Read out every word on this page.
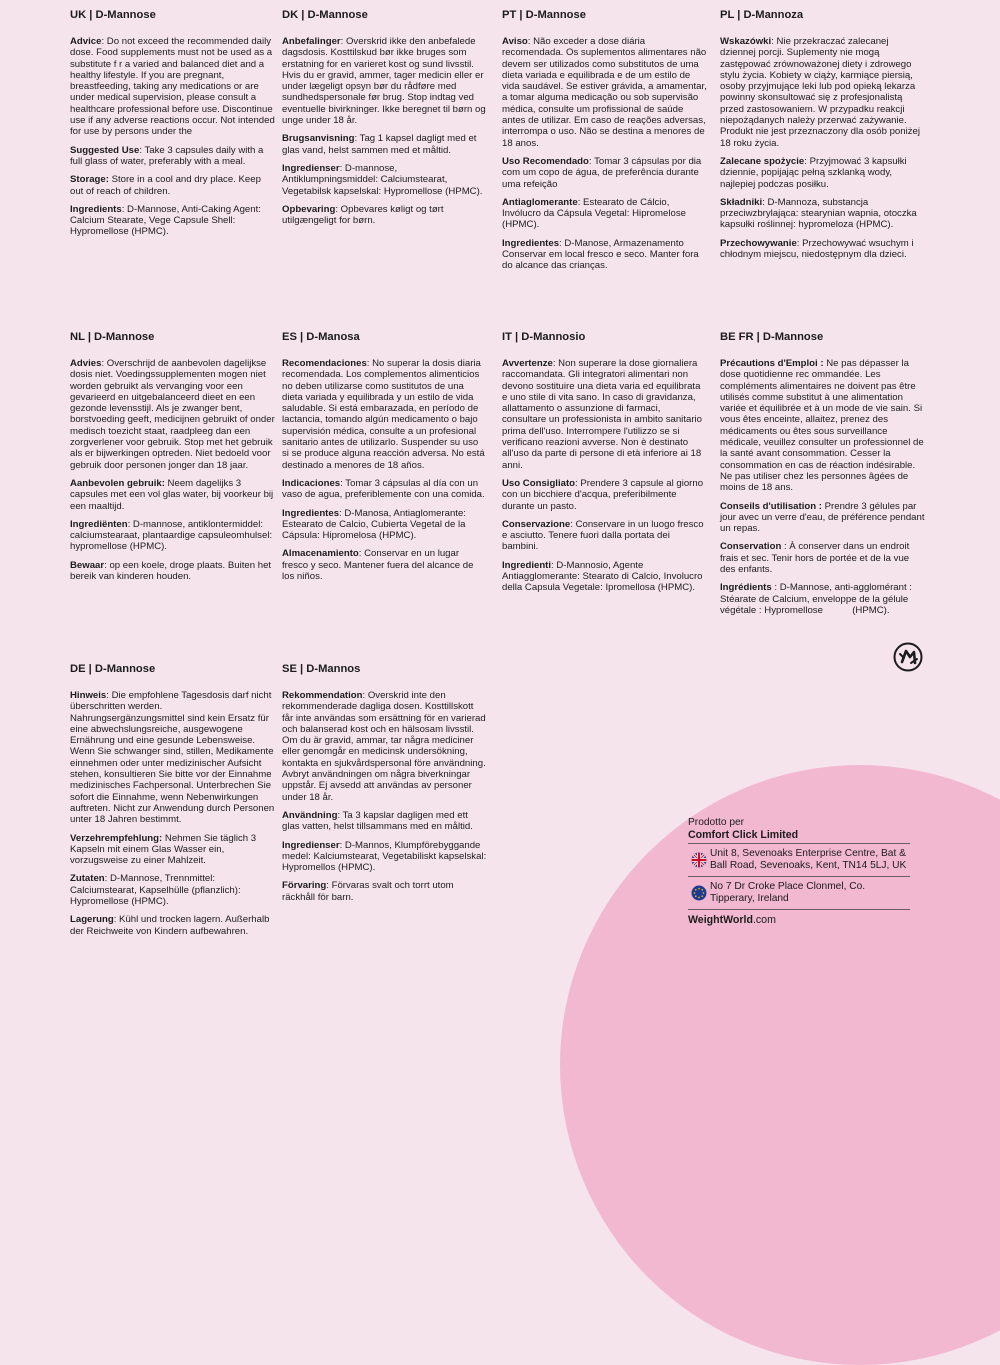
UK | D-Mannose

Advice: Do not exceed the recommended daily dose. Food supplements must not be used as a substitute f r a varied and balanced diet and a healthy lifestyle. If you are pregnant, breastfeeding, taking any medications or are under medical supervision, please consult a healthcare professional before use. Discontinue use if any adverse reactions occur. Not intended for use by persons under the

Suggested Use: Take 3 capsules daily with a full glass of water, preferably with a meal.

Storage: Store in a cool and dry place. Keep out of reach of children.

Ingredients: D-Mannose, Anti-Caking Agent: Calcium Stearate, Vege Capsule Shell: Hypromellose (HPMC).

DK | D-Mannose

Anbefalinger: Overskrid ikke den anbefalede dagsdosis. Kosttilskud bør ikke bruges som erstatning for en varieret kost og sund livsstil. Hvis du er gravid, ammer, tager medicin eller er under lægeligt opsyn bør du rådføre med sundhedspersonale før brug. Stop indtag ved eventuelle bivirkninger. Ikke beregnet til børn og unge under 18 år.

Brugsanvisning: Tag 1 kapsel dagligt med et glas vand, helst sammen med et måltid.

Ingredienser: D-mannose, Antiklumpningsmiddel: Calciumstearat, Vegetabilsk kapselskal: Hypromellose (HPMC).

Opbevaring: Opbevares køligt og tørt utilgængeligt for børn.

PT | D-Mannose

Aviso: Não exceder a dose diária recomendada. Os suplementos alimentares não devem ser utilizados como substitutos de uma dieta variada e equilibrada e de um estilo de vida saudável. Se estiver grávida, a amamentar, a tomar alguma medicação ou sob supervisão médica, consulte um profissional de saúde antes de utilizar. Em caso de reações adversas, interrompa o uso. Não se destina a menores de 18 anos.

Uso Recomendado: Tomar 3 cápsulas por dia com um copo de água, de preferência durante uma refeição

Antiaglomerante: Estearato de Cálcio, Invólucro da Cápsula Vegetal: Hipromelose (HPMC).

Ingredientes: D-Manose, Armazenamento Conservar em local fresco e seco. Manter fora do alcance das crianças.

PL | D-Mannoza

Wskazówki: Nie przekraczać zalecanej dziennej porcji. Suplementy nie mogą zastępować zrównoważonej diety i zdrowego stylu życia. Kobiety w ciąży, karmiące piersią, osoby przyjmujące leki lub pod opieką lekarza powinny skonsultować się z profesjonalistą przed zastosowaniem. W przypadku reakcji niepożądanych należy przerwać zażywanie. Produkt nie jest przeznaczony dla osób poniżej 18 roku życia.

Zalecane spożycie: Przyjmować 3 kapsułki dziennie, popijając pełną szklanką wody, najlepiej podczas posiłku.

Składniki: D-Mannoza, substancja przeciwzbrylająca: stearynian wapnia, otoczka kapsułki roślinnej: hypromeloza (HPMC).

Przechowywanie: Przechowywać wsuchym i chłodnym miejscu, niedostępnym dla dzieci.

NL | D-Mannose

Advies: Overschrijd de aanbevolen dagelijkse dosis niet. Voedingssupplementen mogen niet worden gebruikt als vervanging voor een gevarieerd en uitgebalanceerd dieet en een gezonde levensstijl. Als je zwanger bent, borstvoeding geeft, medicijnen gebruikt of onder medisch toezicht staat, raadpleeg dan een zorgverlener voor gebruik. Stop met het gebruik als er bijwerkingen optreden. Niet bedoeld voor gebruik door personen jonger dan 18 jaar.

Aanbevolen gebruik: Neem dagelijks 3 capsules met een vol glas water, bij voorkeur bij een maaltijd.

Ingrediënten: D-mannose, antiklontermiddel: calciumstearaat, plantaardige capsuleomhulsel: hypromellose (HPMC).

Bewaar: op een koele, droge plaats. Buiten het bereik van kinderen houden.

ES | D-Manosa

Recomendaciones: No superar la dosis diaria recomendada. Los complementos alimenticios no deben utilizarse como sustitutos de una dieta variada y equilibrada y un estilo de vida saludable. Si está embarazada, en período de lactancia, tomando algún medicamento o bajo supervisión médica, consulte a un profesional sanitario antes de utilizarlo. Suspender su uso si se produce alguna reacción adversa. No está destinado a menores de 18 años.

Indicaciones: Tomar 3 cápsulas al día con un vaso de agua, preferiblemente con una comida.

Ingredientes: D-Manosa, Antiaglomerante: Estearato de Calcio, Cubierta Vegetal de la Cápsula: Hipromelosa (HPMC).

Almacenamiento: Conservar en un lugar fresco y seco. Mantener fuera del alcance de los niños.

IT | D-Mannosio

Avvertenze: Non superare la dose giornaliera raccomandata. Gli integratori alimentari non devono sostituire una dieta varia ed equilibrata e uno stile di vita sano. In caso di gravidanza, allattamento o assunzione di farmaci, consultare un professionista in ambito sanitario prima dell'uso. Interrompere l'utilizzo se si verificano reazioni avverse. Non è destinato all'uso da parte di persone di età inferiore ai 18 anni.

Uso Consigliato: Prendere 3 capsule al giorno con un bicchiere d'acqua, preferibilmente durante un pasto.

Conservazione: Conservare in un luogo fresco e asciutto. Tenere fuori dalla portata dei bambini.

Ingredienti: D-Mannosio, Agente Antiagglomerante: Stearato di Calcio, Involucro della Capsula Vegetale: Ipromellosa (HPMC).

BE FR | D-Mannose

Précautions d'Emploi : Ne pas dépasser la dose quotidienne rec ommandée. Les compléments alimentaires ne doivent pas être utilisés comme substitut à une alimentation variée et équilibrée et à un mode de vie sain. Si vous êtes enceinte, allaitez, prenez des médicaments ou êtes sous surveillance médicale, veuillez consulter un professionnel de la santé avant consommation. Cesser la consommation en cas de réaction indésirable. Ne pas utiliser chez les personnes âgées de moins de 18 ans.

Conseils d'utilisation : Prendre 3 gélules par jour avec un verre d'eau, de préférence pendant un repas.

Conservation : À conserver dans un endroit frais et sec. Tenir hors de portée et de la vue des enfants.

Ingrédients : D-Mannose, anti-agglomérant : Stéarate de Calcium, enveloppe de la gélule végétale : Hypromellose           (HPMC).

DE | D-Mannose

Hinweis: Die empfohlene Tagesdosis darf nicht überschritten werden. Nahrungsergänzungsmittel sind kein Ersatz für eine abwechslungsreiche, ausgewogene Ernährung und eine gesunde Lebensweise. Wenn Sie schwanger sind, stillen, Medikamente einnehmen oder unter medizinischer Aufsicht stehen, konsultieren Sie bitte vor der Einnahme medizinisches Fachpersonal. Unterbrechen Sie sofort die Einnahme, wenn Nebenwirkungen auftreten. Nicht zur Anwendung durch Personen unter 18 Jahren bestimmt.

Verzehrempfehlung: Nehmen Sie täglich 3 Kapseln mit einem Glas Wasser ein, vorzugsweise zu einer Mahlzeit.

Zutaten: D-Mannose, Trennmittel: Calciumstearat, Kapselhülle (pflanzlich): Hypromellose (HPMC).

Lagerung: Kühl und trocken lagern. Außerhalb der Reichweite von Kindern aufbewahren.

SE | D-Mannos

Rekommendation: Overskrid inte den rekommenderade dagliga dosen. Kosttillskott får inte användas som ersättning för en varierad och balanserad kost och en hälsosam livsstil. Om du är gravid, ammar, tar några mediciner eller genomgår en medicinsk undersökning, kontakta en sjukvårdspersonal före användning. Avbryt användningen om några biverkningar uppstår. Ej avsedd att användas av personer under 18 år.

Användning: Ta 3 kapslar dagligen med ett glas vatten, helst tillsammans med en måltid.

Ingredienser: D-Mannos, Klumpförebyggande medel: Kalciumstearat, Vegetabiliskt kapselskal: Hypromellos (HPMC).

Förvaring: Förvaras svalt och torrt utom räckhåll för barn.

Prodotto per
Comfort Click Limited
Unit 8, Sevenoaks Enterprise Centre, Bat & Ball Road, Sevenoaks, Kent, TN14 5LJ, UK
No 7 Dr Croke Place Clonmel, Co. Tipperary, Ireland
WeightWorld.com
